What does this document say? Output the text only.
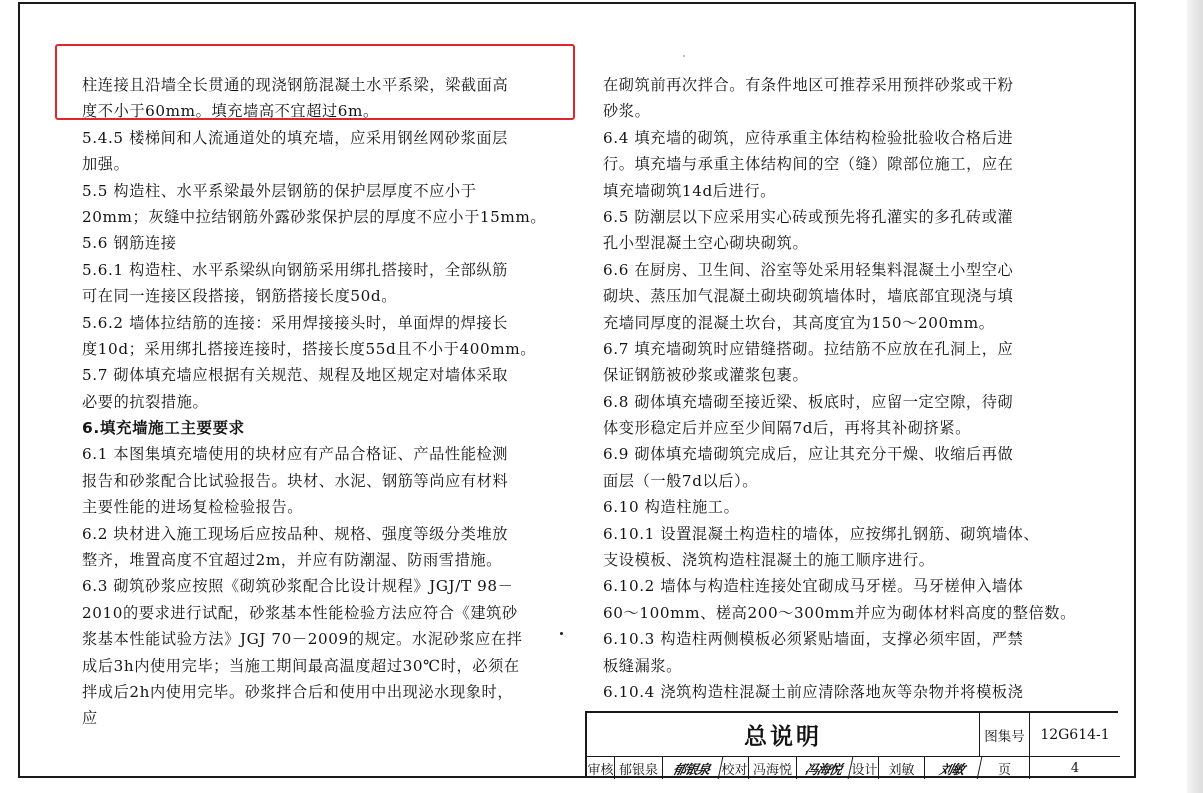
柱连接且沿墙全长贯通的现浇钢筋混凝土水平系梁，梁截面高
度不小于60mm。填充墙高不宜超过6m。
5.4.5 楼梯间和人流通道处的填充墙，应采用钢丝网砂浆面层
加强。
5.5 构造柱、水平系梁最外层钢筋的保护层厚度不应小于
20mm；灰缝中拉结钢筋外露砂浆保护层的厚度不应小于15mm。
5.6 钢筋连接
5.6.1 构造柱、水平系梁纵向钢筋采用绑扎搭接时，全部纵筋
可在同一连接区段搭接，钢筋搭接长度50d。
5.6.2 墙体拉结筋的连接：采用焊接接头时，单面焊的焊接长
度10d；采用绑扎搭接连接时，搭接长度55d且不小于400mm。
5.7 砌体填充墙应根据有关规范、规程及地区规定对墙体采取
必要的抗裂措施。
6.填充墙施工主要要求
6.1 本图集填充墙使用的块材应有产品合格证、产品性能检测
报告和砂浆配合比试验报告。块材、水泥、钢筋等尚应有材料
主要性能的进场复检检验报告。
6.2 块材进入施工现场后应按品种、规格、强度等级分类堆放
整齐，堆置高度不宜超过2m，并应有防潮湿、防雨雪措施。
6.3 砌筑砂浆应按照《砌筑砂浆配合比设计规程》JGJ/T 98－
2010的要求进行试配，砂浆基本性能检验方法应符合《建筑砂
浆基本性能试验方法》JGJ 70－2009的规定。水泥砂浆应在拌
成后3h内使用完毕；当施工期间最高温度超过30℃时，必须在
拌成后2h内使用完毕。砂浆拌合后和使用中出现泌水现象时，
应
在砌筑前再次拌合。有条件地区可推荐采用预拌砂浆或干粉
砂浆。
6.4 填充墙的砌筑，应待承重主体结构检验批验收合格后进
行。填充墙与承重主体结构间的空（缝）隙部位施工，应在
填充墙砌筑14d后进行。
6.5 防潮层以下应采用实心砖或预先将孔灌实的多孔砖或灌
孔小型混凝土空心砌块砌筑。
6.6 在厨房、卫生间、浴室等处采用轻集料混凝土小型空心
砌块、蒸压加气混凝土砌块砌筑墙体时，墙底部宜现浇与填
充墙同厚度的混凝土坎台，其高度宜为150～200mm。
6.7 填充墙砌筑时应错缝搭砌。拉结筋不应放在孔洞上，应
保证钢筋被砂浆或灌浆包裹。
6.8 砌体填充墙砌至接近梁、板底时，应留一定空隙，待砌
体变形稳定后并应至少间隔7d后，再将其补砌挤紧。
6.9 砌体填充墙砌筑完成后，应让其充分干燥、收缩后再做
面层（一般7d以后）。
6.10 构造柱施工。
6.10.1 设置混凝土构造柱的墙体，应按绑扎钢筋、砌筑墙体、
支设模板、浇筑构造柱混凝土的施工顺序进行。
6.10.2 墙体与构造柱连接处宜砌成马牙槎。马牙槎伸入墙体
60～100mm、槎高200～300mm并应为砌体材料高度的整倍数。
6.10.3 构造柱两侧模板必须紧贴墙面，支撑必须牢固，严禁
板缝漏浆。
6.10.4 浇筑构造柱混凝土前应清除落地灰等杂物并将模板浇
总说明	图集号	12G614-1
审核 郁银泉	郁银泉 校对 冯海悦 冯海悦 设计 刘敏	刘敏	页	4
